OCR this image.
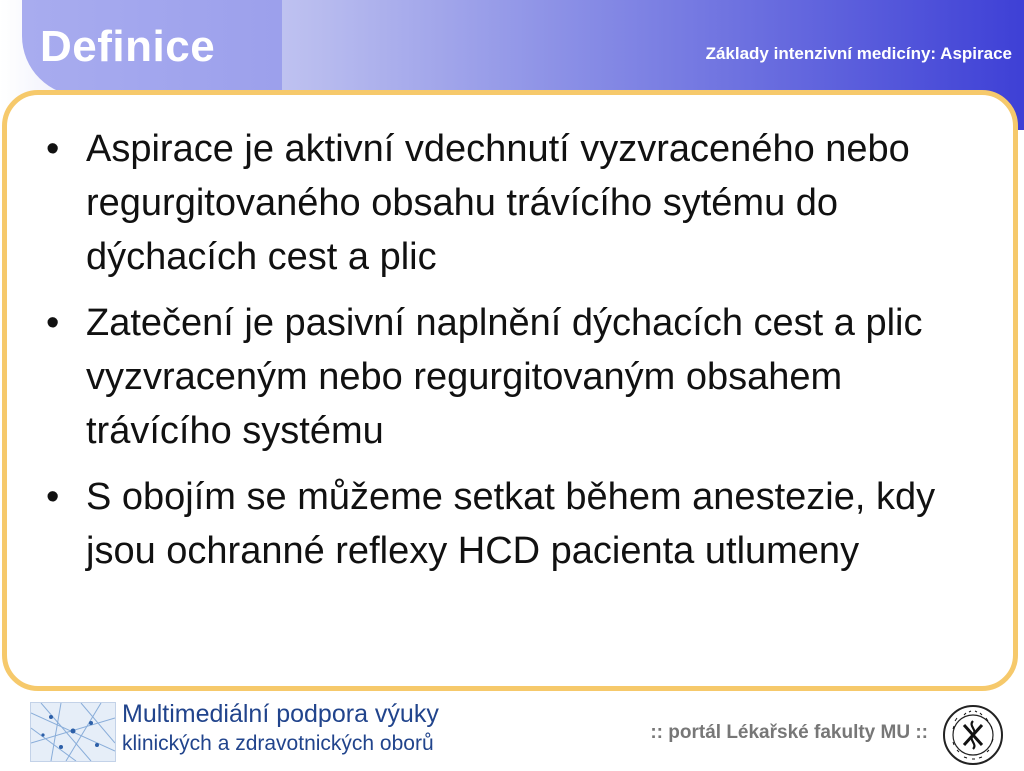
Definice	Základy intenzivní medicíny: Aspirace
• Aspirace je aktivní vdechnutí vyzvraceného nebo regurgitovaného obsahu trávícího sytému do dýchacích cest a plic
• Zatečení je pasivní naplnění dýchacích cest a plic vyzvraceným nebo regurgitovaným obsahem trávícího systému
• S obojím se můžeme setkat během anestezie, kdy jsou ochranné reflexy HCD pacienta utlumeny
Multimediální podpora výuky
klinických a zdravotnických oborů	:: portál Lékařské fakulty MU ::
